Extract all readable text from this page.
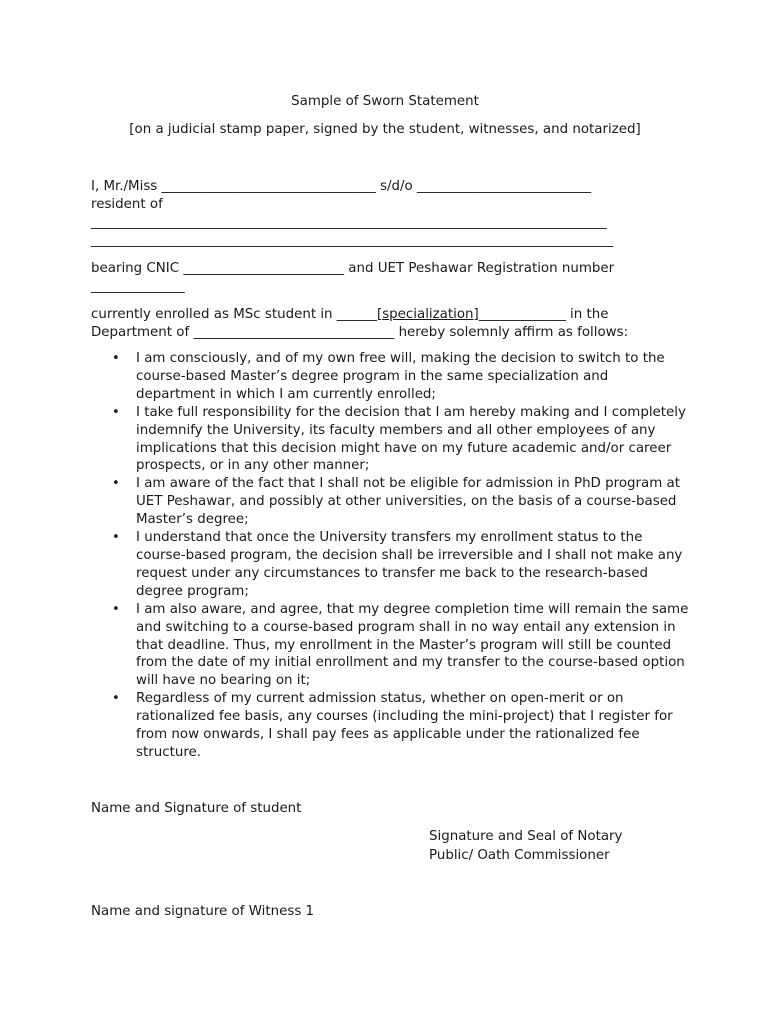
Sample of Sworn Statement
[on a judicial stamp paper, signed by the student, witnesses, and notarized]
I, Mr./Miss ________________________________ s/d/o __________________________
resident of
_____________________________________________________________________________
______________________________________________________________________________
bearing CNIC ________________________ and UET Peshawar Registration number
______________
currently enrolled as MSc student in ______[specialization]_____________ in the
Department of ______________________________ hereby solemnly affirm as follows:
• I am consciously, and of my own free will, making the decision to switch to the course-based Master’s degree program in the same specialization and department in which I am currently enrolled;
• I take full responsibility for the decision that I am hereby making and I completely indemnify the University, its faculty members and all other employees of any implications that this decision might have on my future academic and/or career prospects, or in any other manner;
• I am aware of the fact that I shall not be eligible for admission in PhD program at UET Peshawar, and possibly at other universities, on the basis of a course-based Master’s degree;
• I understand that once the University transfers my enrollment status to the course-based program, the decision shall be irreversible and I shall not make any request under any circumstances to transfer me back to the research-based degree program;
• I am also aware, and agree, that my degree completion time will remain the same and switching to a course-based program shall in no way entail any extension in that deadline. Thus, my enrollment in the Master’s program will still be counted from the date of my initial enrollment and my transfer to the course-based option will have no bearing on it;
• Regardless of my current admission status, whether on open-merit or on rationalized fee basis, any courses (including the mini-project) that I register for from now onwards, I shall pay fees as applicable under the rationalized fee structure.
Name and Signature of student
Signature and Seal of Notary
Public/ Oath Commissioner
Name and signature of Witness 1
